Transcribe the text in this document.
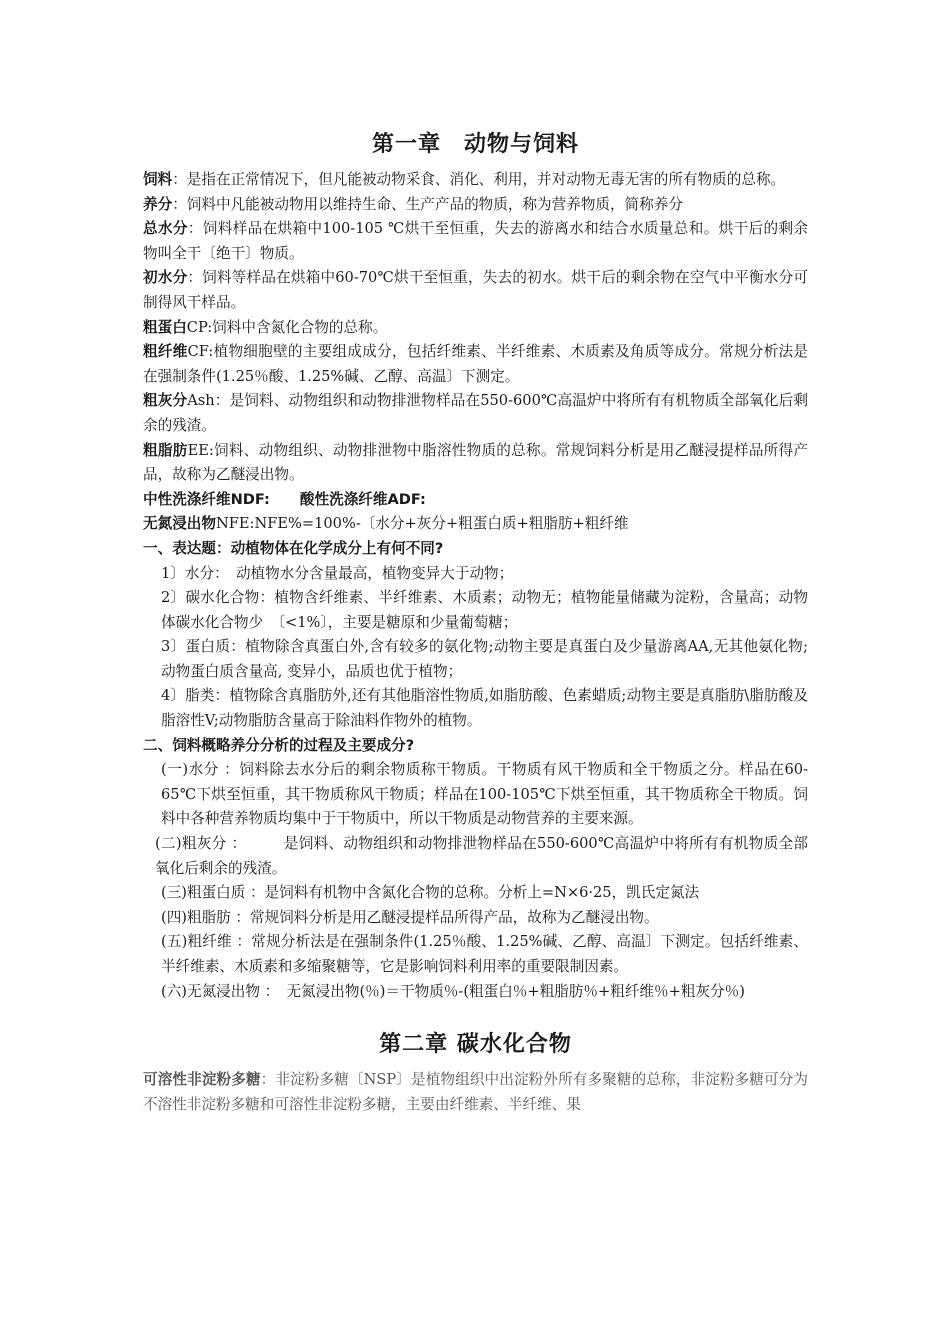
第一章　动物与饲料

饲料：是指在正常情况下，但凡能被动物采食、消化、利用，并对动物无毒无害的所有物质的总称。

养分：饲料中凡能被动物用以维持生命、生产产品的物质，称为营养物质，简称养分

总水分：饲料样品在烘箱中100-105 ℃烘干至恒重，失去的游离水和结合水质量总和。烘干后的剩余物叫全干〔绝干〕物质。

初水分：饲料等样品在烘箱中60-70℃烘干至恒重，失去的初水。烘干后的剩余物在空气中平衡水分可制得风干样品。

粗蛋白CP:饲料中含氮化合物的总称。

粗纤维CF:植物细胞壁的主要组成成分，包括纤维素、半纤维素、木质素及角质等成分。常规分析法是在强制条件(1.25％酸、1.25%碱、乙醇、高温〕下测定。

粗灰分Ash：是饲料、动物组织和动物排泄物样品在550-600℃高温炉中将所有有机物质全部氧化后剩余的残渣。

粗脂肪EE:饲料、动物组织、动物排泄物中脂溶性物质的总称。常规饲料分析是用乙醚浸提样品所得产品，故称为乙醚浸出物。

中性洗涤纤维NDF: 酸性洗涤纤维ADF:

无氮浸出物NFE:NFE%=100%-〔水分+灰分+粗蛋白质+粗脂肪+粗纤维

一、表达题：动植物体在化学成分上有何不同?

1〕水分：　动植物水分含量最高，植物变异大于动物；

2〕碳水化合物：植物含纤维素、半纤维素、木质素；动物无；植物能量储藏为淀粉，含量高；动物体碳水化合物少　〔<1%〕，主要是糖原和少量葡萄糖；

3〕蛋白质：植物除含真蛋白外,含有较多的氨化物;动物主要是真蛋白及少量游离AA,无其他氨化物;动物蛋白质含量高, 变异小，品质也优于植物；

4〕脂类：植物除含真脂肪外,还有其他脂溶性物质,如脂肪酸、色素蜡质;动物主要是真脂肪\脂肪酸及脂溶性V;动物脂肪含量高于除油料作物外的植物。

二、饲料概略养分分析的过程及主要成分?

(一)水分 ：饲料除去水分后的剩余物质称干物质。干物质有风干物质和全干物质之分。样品在60-65℃下烘至恒重，其干物质称风干物质；样品在100-105℃下烘至恒重，其干物质称全干物质。饲料中各种营养物质均集中于干物质中，所以干物质是动物营养的主要来源。

(二)粗灰分 ：　　　是饲料、动物组织和动物排泄物样品在550-600℃高温炉中将所有有机物质全部氧化后剩余的残渣。

(三)粗蛋白质 ：是饲料有机物中含氮化合物的总称。分析上=N×6·25，凯氏定氮法

(四)粗脂肪 ：常规饲料分析是用乙醚浸提样品所得产品，故称为乙醚浸出物。

(五)粗纤维 ：常规分析法是在强制条件(1.25％酸、1.25%碱、乙醇、高温〕下测定。包括纤维素、半纤维素、木质素和多缩聚糖等，它是影响饲料利用率的重要限制因素。

(六)无氮浸出物 ：　无氮浸出物(％)＝干物质％-(粗蛋白％+粗脂肪％+粗纤维％+粗灰分％)

第二章 碳水化合物

可溶性非淀粉多糖：非淀粉多糖〔NSP〕是植物组织中出淀粉外所有多聚糖的总称，非淀粉多糖可分为不溶性非淀粉多糖和可溶性非淀粉多糖，主要由纤维素、半纤维、果
